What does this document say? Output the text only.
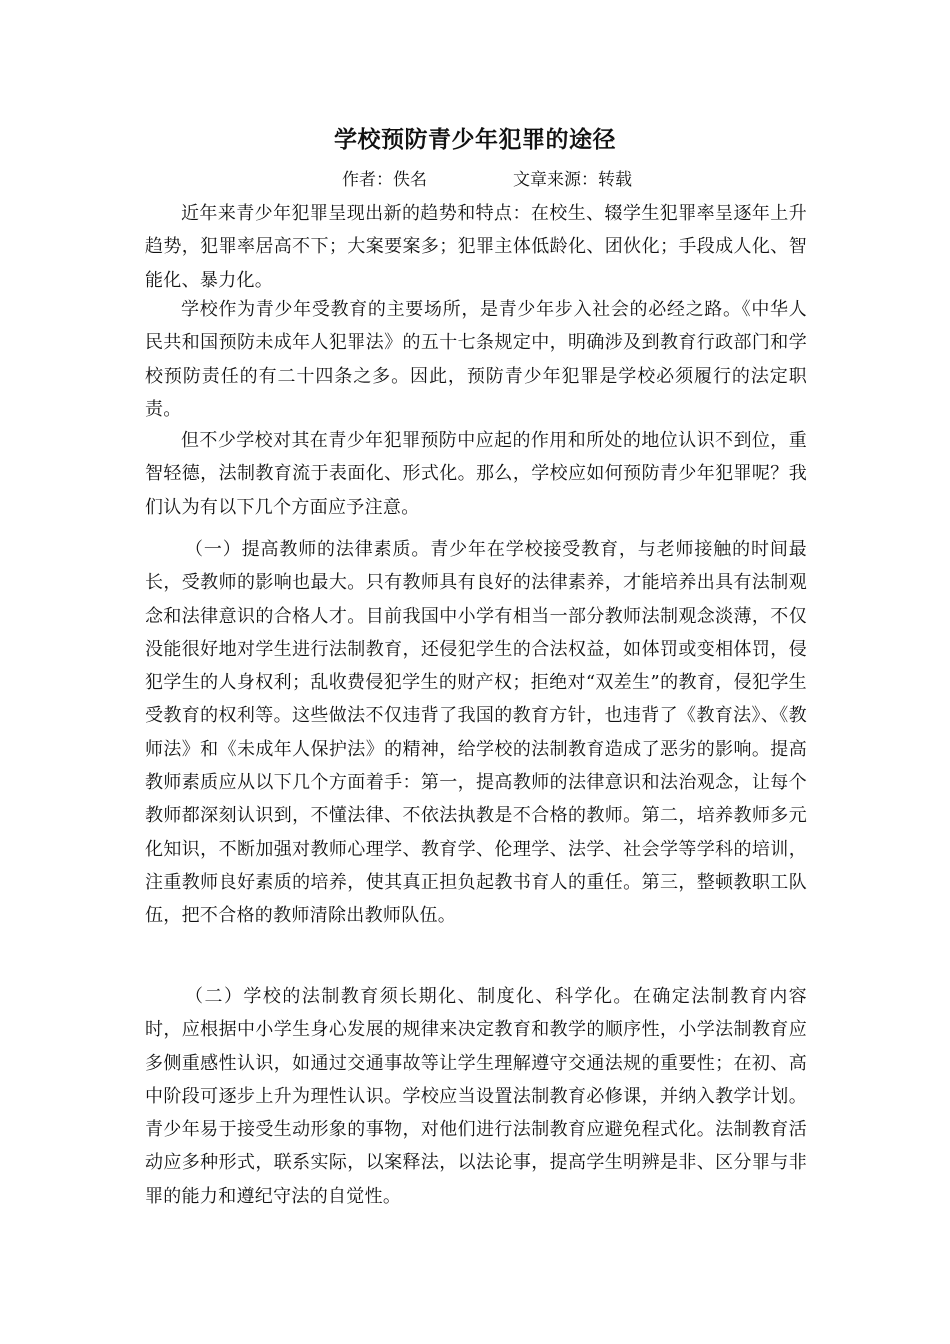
学校预防青少年犯罪的途径
作者：佚名	文章来源：转载

近年来青少年犯罪呈现出新的趋势和特点：在校生、辍学生犯罪率呈逐年上升趋势，犯罪率居高不下；大案要案多；犯罪主体低龄化、团伙化；手段成人化、智能化、暴力化。

学校作为青少年受教育的主要场所，是青少年步入社会的必经之路。《中华人民共和国预防未成年人犯罪法》的五十七条规定中，明确涉及到教育行政部门和学校预防责任的有二十四条之多。因此，预防青少年犯罪是学校必须履行的法定职责。

但不少学校对其在青少年犯罪预防中应起的作用和所处的地位认识不到位，重智轻德，法制教育流于表面化、形式化。那么，学校应如何预防青少年犯罪呢？我们认为有以下几个方面应予注意。

（一）提高教师的法律素质。青少年在学校接受教育，与老师接触的时间最长，受教师的影响也最大。只有教师具有良好的法律素养，才能培养出具有法制观念和法律意识的合格人才。目前我国中小学有相当一部分教师法制观念淡薄，不仅没能很好地对学生进行法制教育，还侵犯学生的合法权益，如体罚或变相体罚，侵犯学生的人身权利；乱收费侵犯学生的财产权；拒绝对“双差生”的教育，侵犯学生受教育的权利等。这些做法不仅违背了我国的教育方针，也违背了《教育法》、《教师法》和《未成年人保护法》的精神，给学校的法制教育造成了恶劣的影响。提高教师素质应从以下几个方面着手：第一，提高教师的法律意识和法治观念，让每个教师都深刻认识到，不懂法律、不依法执教是不合格的教师。第二，培养教师多元化知识，不断加强对教师心理学、教育学、伦理学、法学、社会学等学科的培训，注重教师良好素质的培养，使其真正担负起教书育人的重任。第三，整顿教职工队伍，把不合格的教师清除出教师队伍。

（二）学校的法制教育须长期化、制度化、科学化。在确定法制教育内容时，应根据中小学生身心发展的规律来决定教育和教学的顺序性，小学法制教育应多侧重感性认识，如通过交通事故等让学生理解遵守交通法规的重要性；在初、高中阶段可逐步上升为理性认识。学校应当设置法制教育必修课，并纳入教学计划。青少年易于接受生动形象的事物，对他们进行法制教育应避免程式化。法制教育活动应多种形式，联系实际，以案释法，以法论事，提高学生明辨是非、区分罪与非罪的能力和遵纪守法的自觉性。
